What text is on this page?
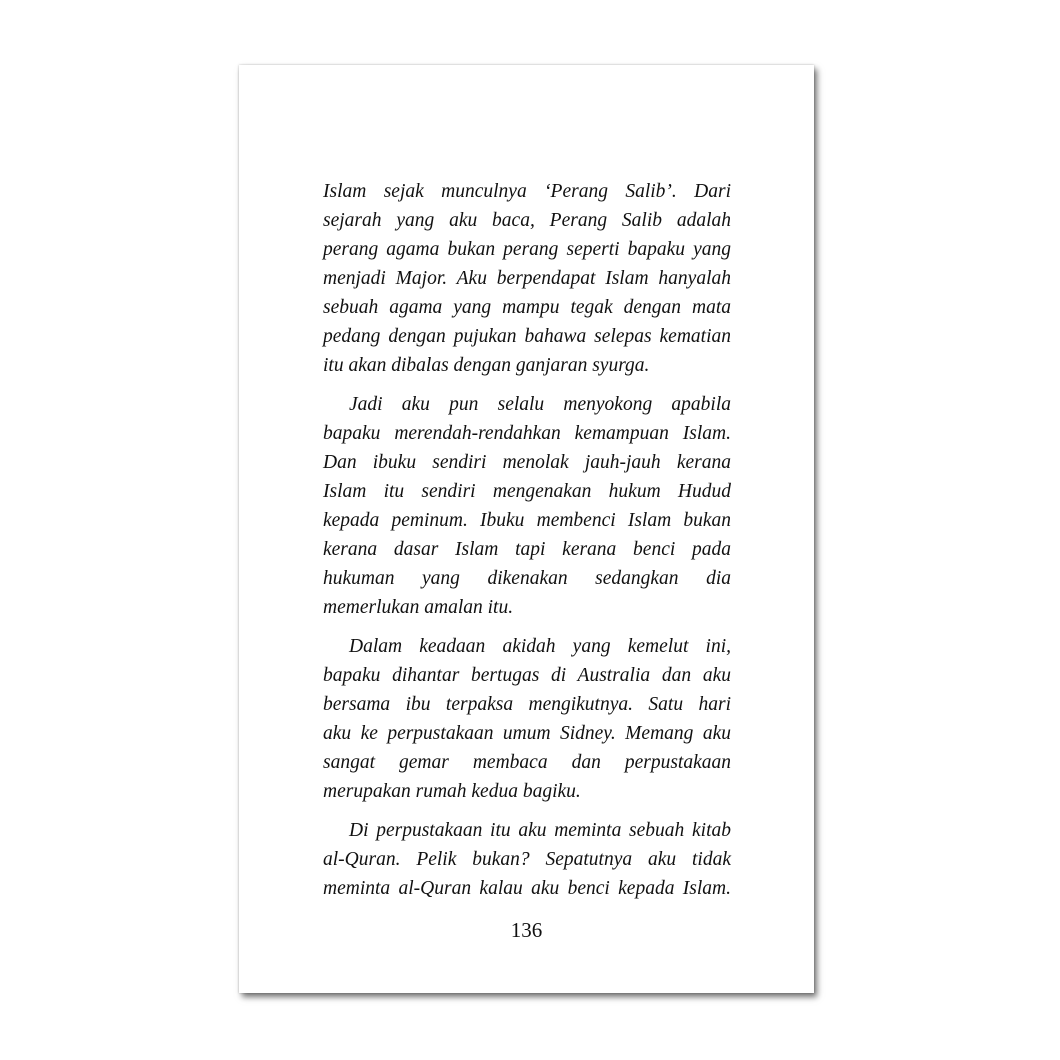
Islam sejak munculnya ‘Perang Salib’. Dari
sejarah yang aku baca, Perang Salib adalah
perang agama bukan perang seperti bapaku yang
menjadi Major. Aku berpendapat Islam hanyalah
sebuah agama yang mampu tegak dengan mata
pedang dengan pujukan bahawa selepas kematian
itu akan dibalas dengan ganjaran syurga.
Jadi aku pun selalu menyokong apabila
bapaku merendah-rendahkan kemampuan Islam.
Dan ibuku sendiri menolak jauh-jauh kerana
Islam itu sendiri mengenakan hukum Hudud
kepada peminum. Ibuku membenci Islam bukan
kerana dasar Islam tapi kerana benci pada
hukuman yang dikenakan sedangkan dia
memerlukan amalan itu.
Dalam keadaan akidah yang kemelut ini,
bapaku dihantar bertugas di Australia dan aku
bersama ibu terpaksa mengikutnya. Satu hari
aku ke perpustakaan umum Sidney. Memang aku
sangat gemar membaca dan perpustakaan
merupakan rumah kedua bagiku.
Di perpustakaan itu aku meminta sebuah kitab
al-Quran. Pelik bukan? Sepatutnya aku tidak
meminta al-Quran kalau aku benci kepada Islam.
136
